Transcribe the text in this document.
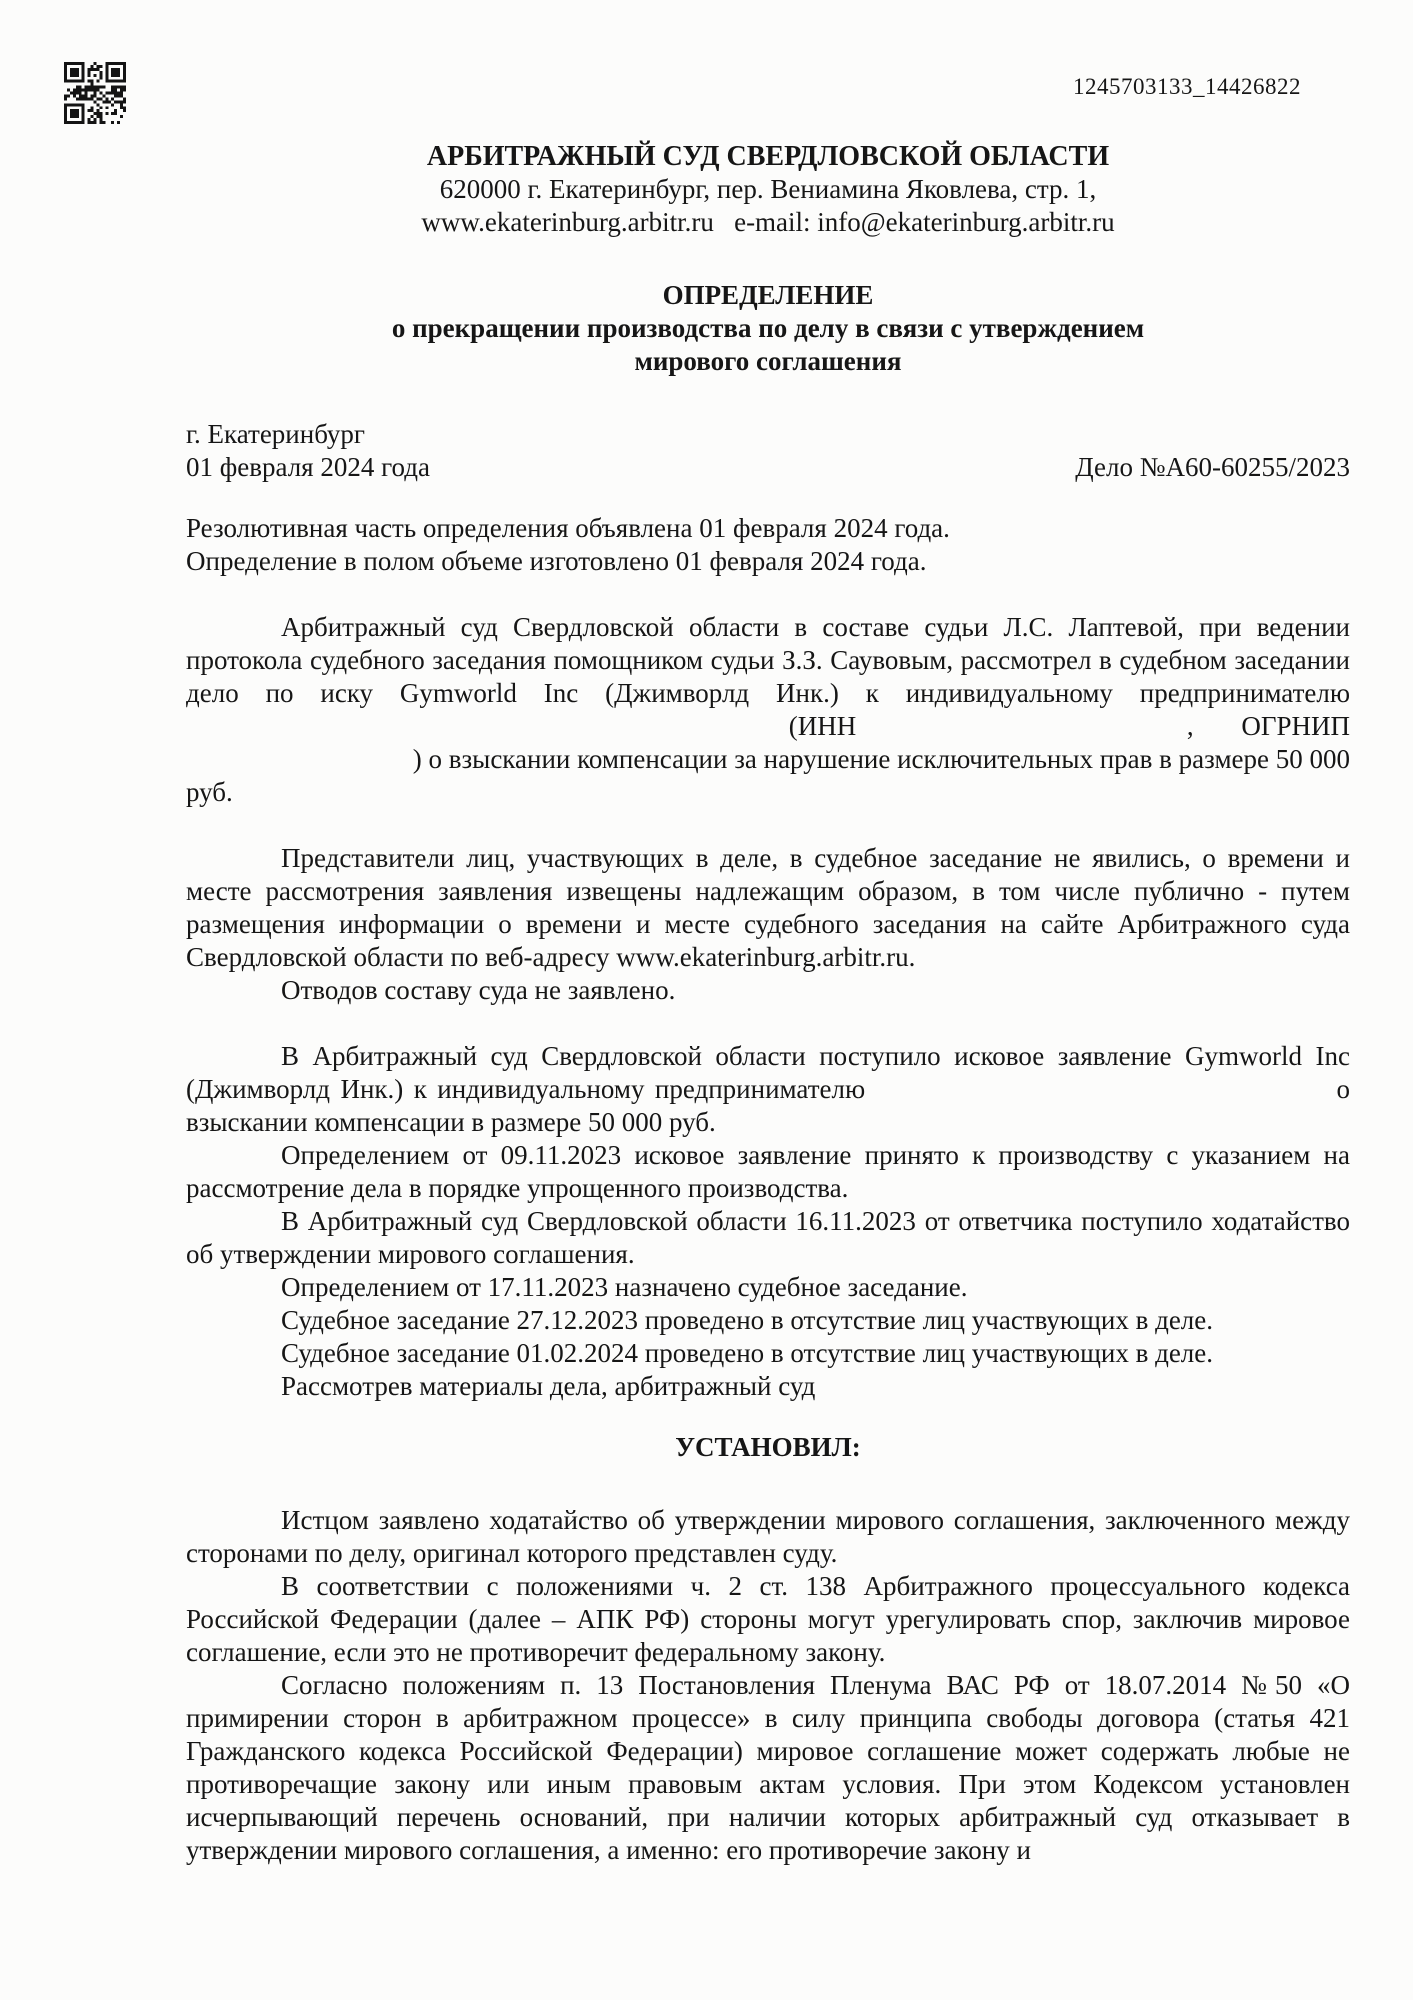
1245703133_14426822
АРБИТРАЖНЫЙ СУД СВЕРДЛОВСКОЙ ОБЛАСТИ
620000 г. Екатеринбург, пер. Вениамина Яковлева, стр. 1,
www.ekaterinburg.arbitr.ru   e-mail: info@ekaterinburg.arbitr.ru
ОПРЕДЕЛЕНИЕ
о прекращении производства по делу в связи с утверждением
мирового соглашения
г. Екатеринбург
01 февраля 2024 года	Дело №А60-60255/2023
Резолютивная часть определения объявлена 01 февраля 2024 года.
Определение в полом объеме изготовлено 01 февраля 2024 года.
Арбитражный суд Свердловской области в составе судьи Л.С. Лаптевой, при ведении протокола судебного заседания помощником судьи З.З. Саувовым, рассмотрел в судебном заседании дело по иску Gymworld Inc (Джимворлд Инк.) к индивидуальному предпринимателю  (ИНН	, ОГРНИП  ) о взыскании компенсации за нарушение исключительных прав в размере 50 000 руб.
Представители лиц, участвующих в деле, в судебное заседание не явились, о времени и месте рассмотрения заявления извещены надлежащим образом, в том числе публично - путем размещения информации о времени и месте судебного заседания на сайте Арбитражного суда Свердловской области по веб-адресу www.ekaterinburg.arbitr.ru.
Отводов составу суда не заявлено.
В Арбитражный суд Свердловской области поступило исковое заявление Gymworld Inc (Джимворлд Инк.) к индивидуальному предпринимателю	о взыскании компенсации в размере 50 000 руб.
Определением от 09.11.2023 исковое заявление принято к производству с указанием на рассмотрение дела в порядке упрощенного производства.
В Арбитражный суд Свердловской области 16.11.2023 от ответчика поступило ходатайство об утверждении мирового соглашения.
Определением от 17.11.2023 назначено судебное заседание.
Судебное заседание 27.12.2023 проведено в отсутствие лиц участвующих в деле.
Судебное заседание 01.02.2024 проведено в отсутствие лиц участвующих в деле.
Рассмотрев материалы дела, арбитражный суд
УСТАНОВИЛ:
Истцом заявлено ходатайство об утверждении мирового соглашения, заключенного между сторонами по делу, оригинал которого представлен суду.
В соответствии с положениями ч. 2 ст. 138 Арбитражного процессуального кодекса Российской Федерации (далее – АПК РФ) стороны могут урегулировать спор, заключив мировое соглашение, если это не противоречит федеральному закону.
Согласно положениям п. 13 Постановления Пленума ВАС РФ от 18.07.2014 №50 «О примирении сторон в арбитражном процессе» в силу принципа свободы договора (статья 421 Гражданского кодекса Российской Федерации) мировое соглашение может содержать любые не противоречащие закону или иным правовым актам условия. При этом Кодексом установлен исчерпывающий перечень оснований, при наличии которых арбитражный суд отказывает в утверждении мирового соглашения, а именно: его противоречие закону и
